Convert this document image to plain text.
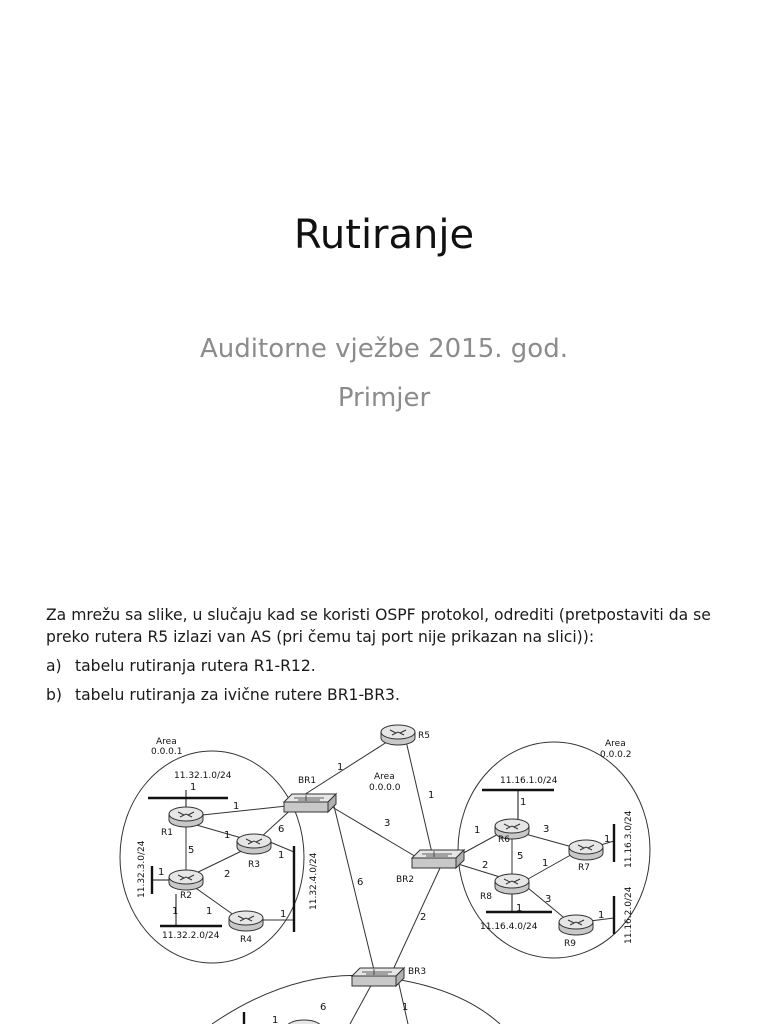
Rutiranje
Auditorne vježbe 2015. god.
Primjer
Za mrežu sa slike, u slučaju kad se koristi OSPF protokol, odrediti (pretpostaviti da se
preko rutera R5 izlazi van AS (pri čemu taj port nije prikazan na slici)):
a) tabelu rutiranja rutera R1-R12.
b) tabelu rutiranja za ivične rutere BR1-BR3.
Area
0.0.0.1
Area
0.0.0.0
Area
0.0.0.2
R1
R2
R3
R4
R5
R6
R7
R8
R9
BR1
BR2
BR3
11.32.1.0/24
11.32.2.0/24
11.32.3.0/24	11.32.4.0/24
11.16.1.0/24
11.16.4.0/24
11.16.3.0/24
11.16.2.0/24
1
1
5
1
6
1
2
1
1	1	1
1
1
3
6
2
1
1	3
5
2	1
1
3
1
1
6	1
1
